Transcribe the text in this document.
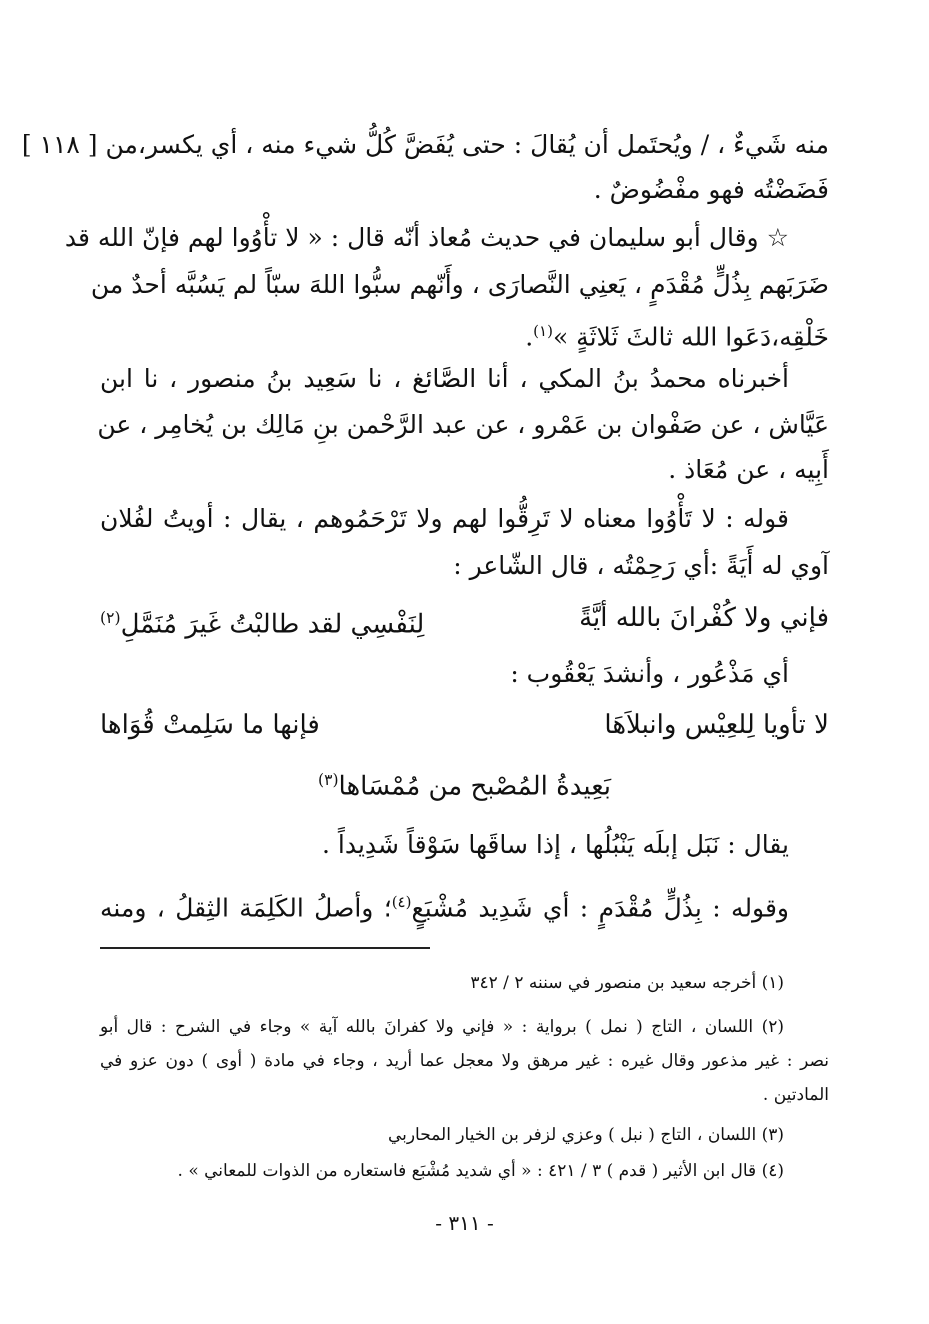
منه شَيءٌ ، / ويُحتَمل أن يُقالَ : حتى يُفَضَّ كُلُّ شيء منه ، أي يكسر،من [ ١١٨ ]
فَضَضْتُه فهو مفْضُوضٌ .
☆ وقال أبو سليمان في حديث مُعاذ أنّه قال : « لا تأْوُوا لهم فإنّ الله قد
ضَرَبَهم بِذُلٍّ مُقْدَمٍ ، يَعنِي النَّصارَى ، وأَنّهم سبُّوا اللهَ سبّاً لم يَسُبَّه أحدٌ من
خَلْقِه،دَعَوا الله ثالثَ ثَلاثَةٍ »$^{(١)}$.
أخبرناه محمدُ بنُ المكي ، أنا الصَّائغ ، نا سَعِيد بنُ منصور ، نا ابن
عَيَّاش ، عن صَفْوان بن عَمْرو ، عن عبد الرَّحْمن بنِ مَالِك بن يُخامِر ، عن
أَبِيه ، عن مُعَاذ .
قوله : لا تَأْوُوا معناه لا تَرِقُّوا لهم ولا تَرْحَمُوهم ، يقال : أويتُ لفُلان
آوي له أَيَةً :أي رَحِمْتُه ، قال الشّاعر :
فإني ولا كُفْرانَ بالله أيَّةً
لِنَفْسِي لقد طالبْتُ غَيرَ مُنَمَّلِ$^{(٢)}$
أي مَذْعُور ، وأنشدَ يَعْقُوب :
لا تأويا لِلعِيْس وانبلاَهَا
فإنها ما سَلِمتْ قُوَاها
بَعِيدةُ المُصْبح من مُمْسَاها$^{(٣)}$
يقال : نَبَل إبلَه يَنْبُلُها ، إذا ساقَها سَوْقاً شَدِيداً .
وقوله : بِذُلٍّ مُقْدَمٍ : أي شَدِيد مُشْبَعٍ$^{(٤)}$؛ وأصلُ الكَلِمَة الثِقلُ ، ومنه
(١) أخرجه سعيد بن منصور في سننه ٢ / ٣٤٢
(٢) اللسان ، التاج ( نمل ) برواية : « فإني ولا كفرانَ بالله آية » وجاء في الشرح : قال أبو
نصر : غير مذعور وقال غيره : غير مرهق ولا معجل عما أريد ، وجاء في مادة ( أوى ) دون عزو في
المادتين .
(٣) اللسان ، التاج ( نبل ) وعزي لزفر بن الخيار المحاربي
(٤) قال ابن الأثير ( قدم ) ٣ / ٤٢١ : « أي شديد مُشْبَع فاستعاره من الذوات للمعاني » .
- ٣١١ -
